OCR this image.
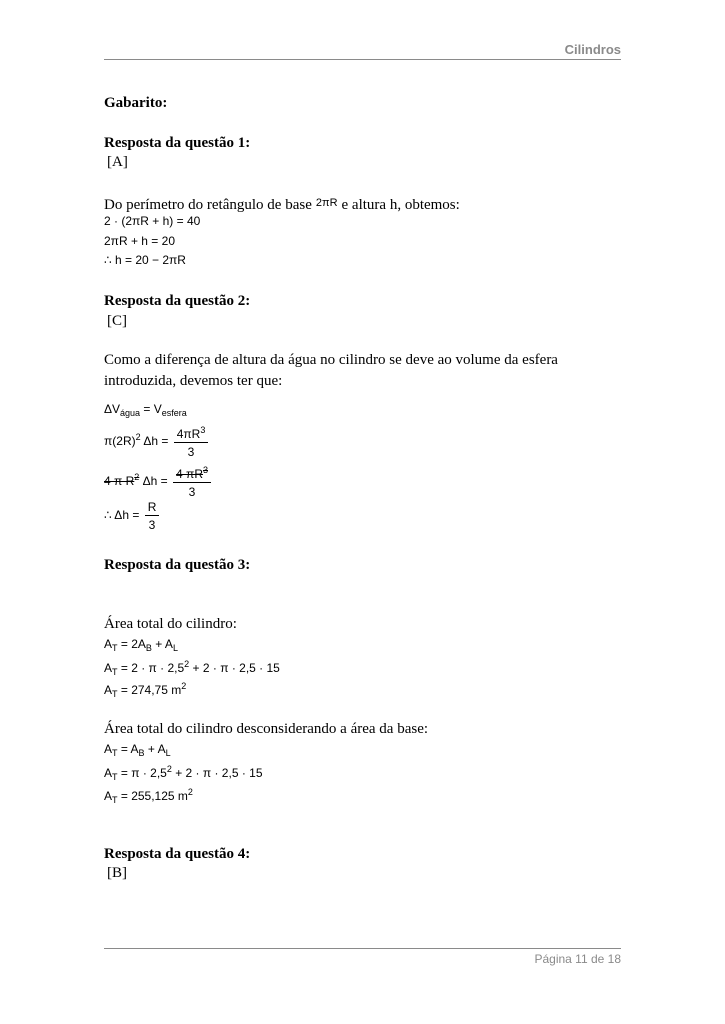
Cilindros
Gabarito:
Resposta da questão 1:
[A]
Do perímetro do retângulo de base $^{2\pi R}$ e altura h, obtemos:
2 · (2πR + h) = 40
2πR + h = 20
∴ h = 20 − 2πR
Resposta da questão 2:
[C]
Como a diferença de altura da água no cilindro se deve ao volume da esfera introduzida, devemos ter que:
$\Delta V_{água} = V_{esfera}$
$\pi(2R)^2$ $\Delta h = \frac{4\pi R^3}{3}$
4 π $R^2$ $\Delta h = \frac{4 \pi R^3}{3}$
∴ $\Delta h = \frac{R}{3}$
Resposta da questão 3:
Área total do cilindro:
$A_T = 2A_B + A_L$
$A_T = 2 \cdot \pi \cdot 2,5^2 + 2 \cdot \pi \cdot 2,5 \cdot 15$
$A_T = 274,75$ $m^2$
Área total do cilindro desconsiderando a área da base:
$A_T = A_B + A_L$
$A_T = \pi \cdot 2,5^2 + 2 \cdot \pi \cdot 2,5 \cdot 15$
$A_T = 255,125$ $m^2$
Resposta da questão 4:
[B]
Página 11 de 18
